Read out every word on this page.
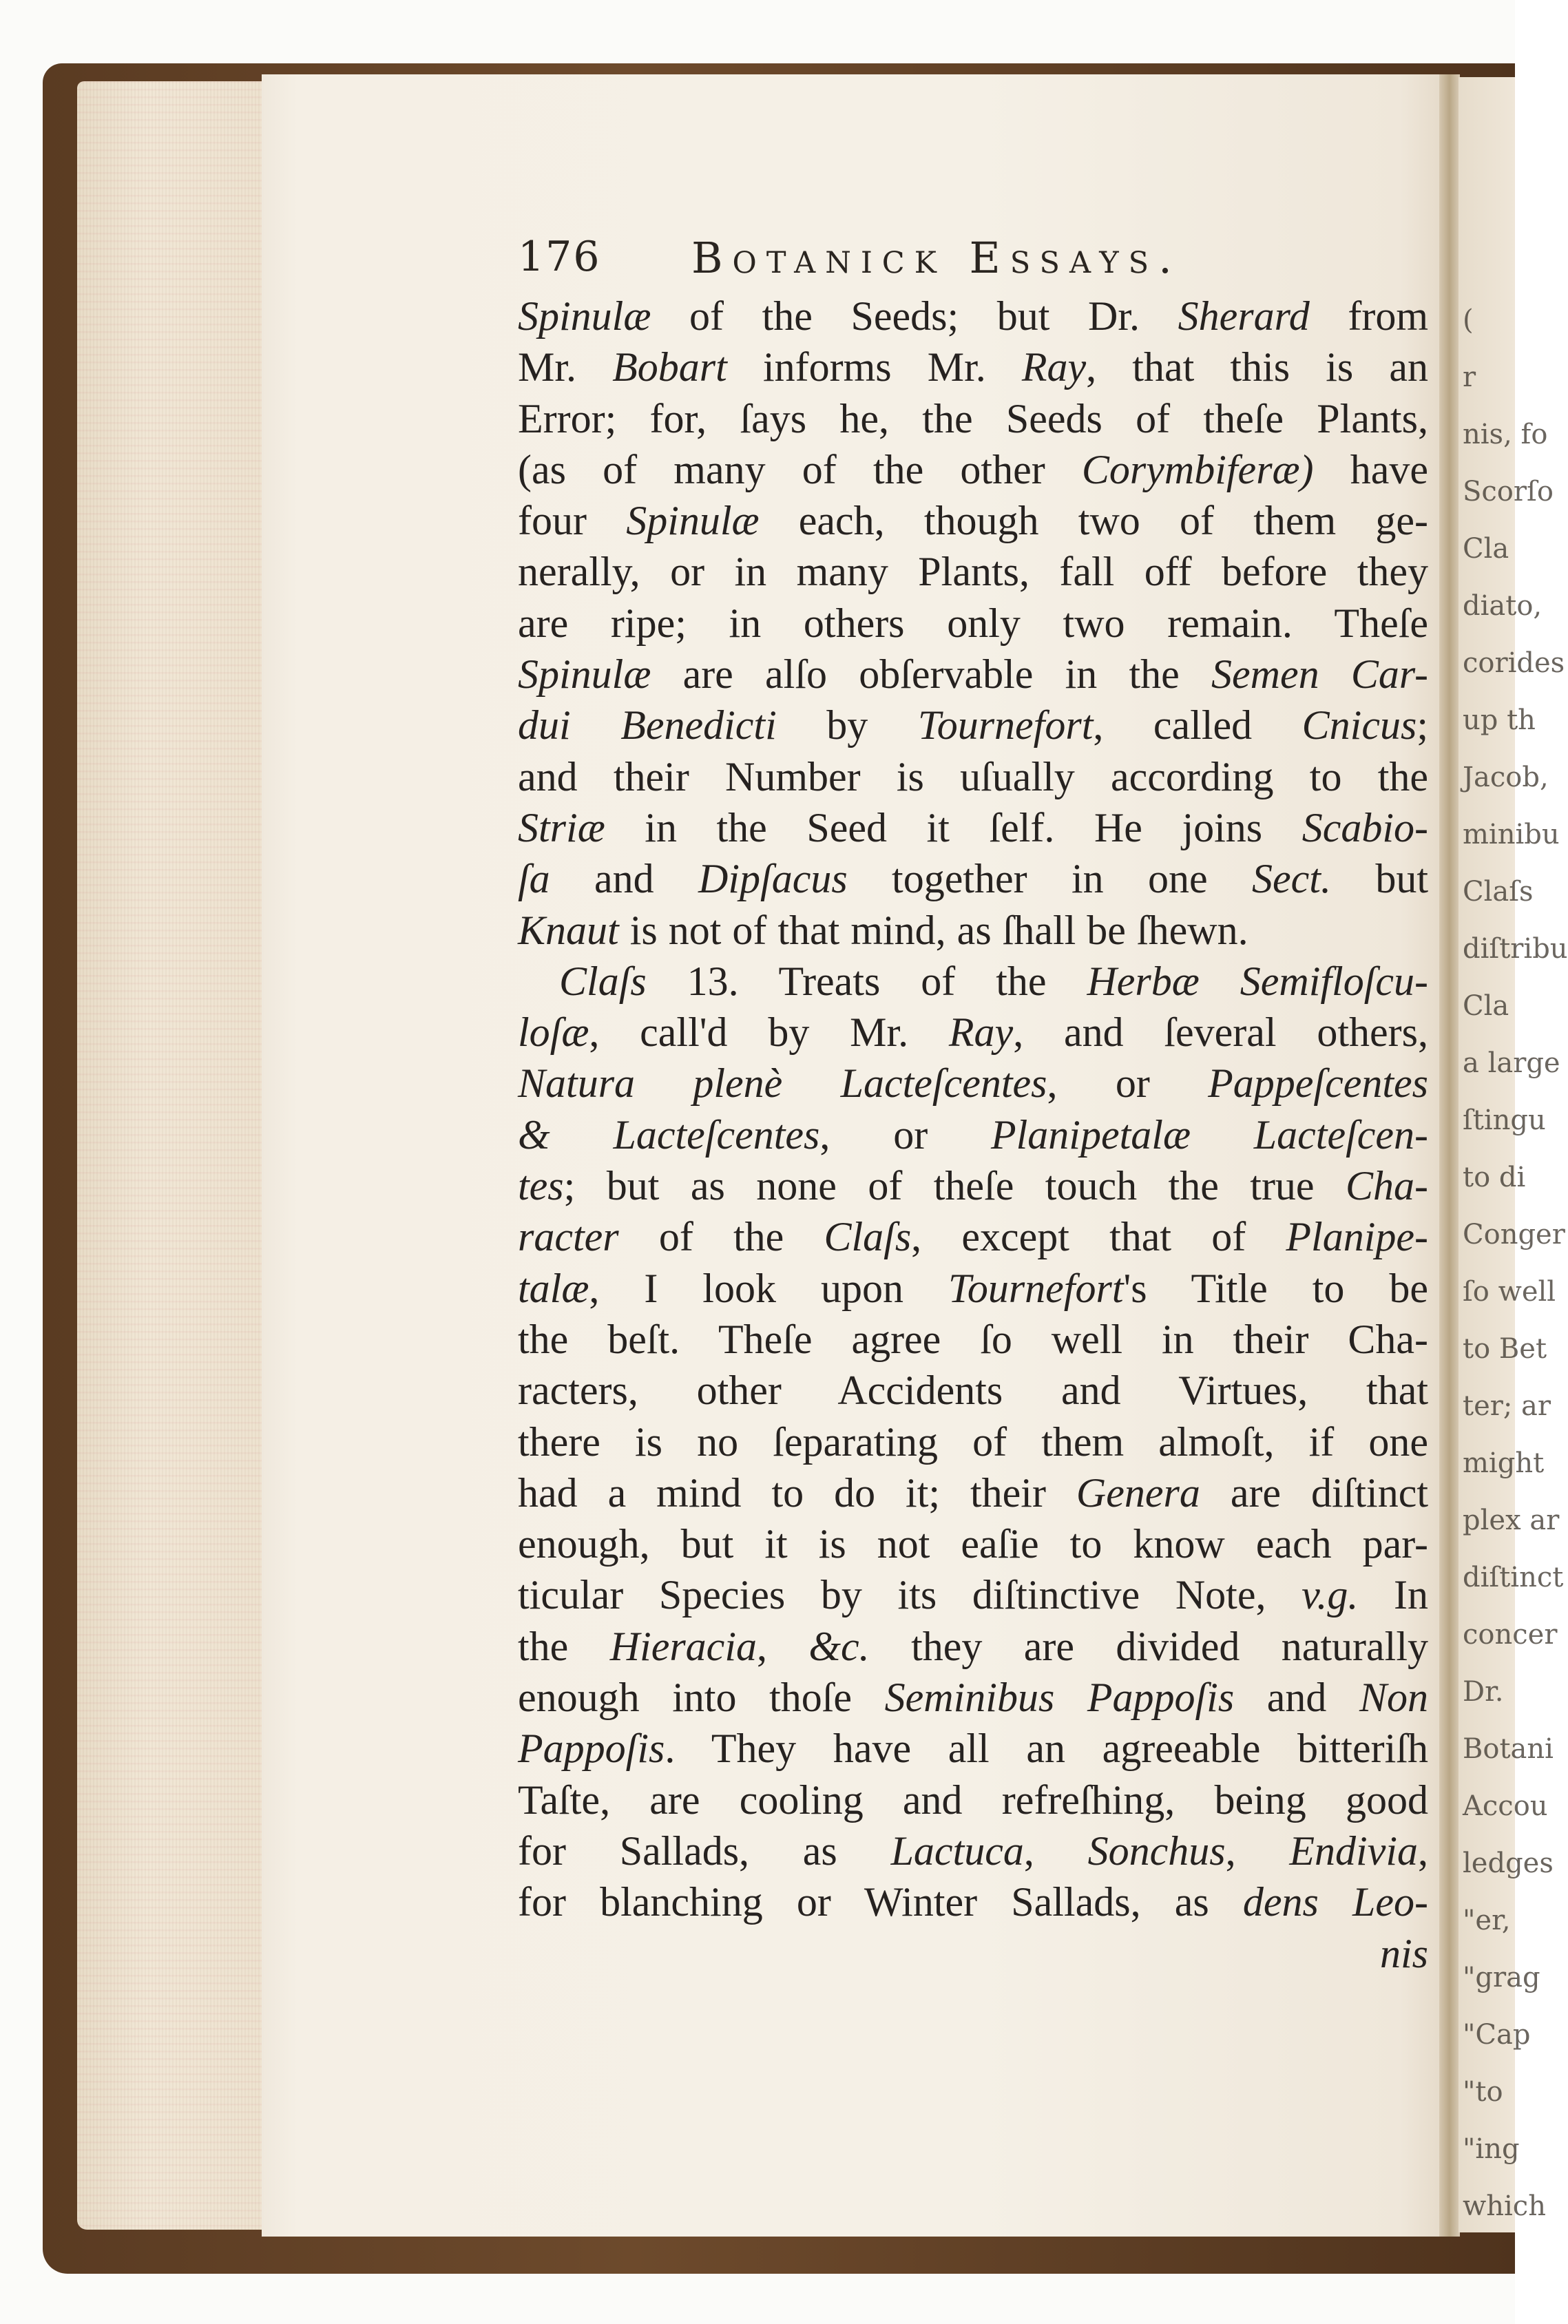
(
r
nis, fo
Scorſo
Cla
diato,
corides
up th
Jacob,
minibu
Claſs
diſtribu
Cla
a large
ſtingu
to di
Conger
ſo well
to Bet
ter; ar
might
plex ar
diſtinct
concer
Dr.
Botani
Accou
ledges
"er,
"grag
"Cap
"to
"ing
which
176 Botanick Essays.
Spinulæ of the Seeds; but Dr. Sherard from
Mr. Bobart informs Mr. Ray, that this is an
Error; for, ſays he, the Seeds of theſe Plants,
(as of many of the other Corymbiferæ) have
four Spinulæ each, though two of them ge-
nerally, or in many Plants, fall off before they
are ripe; in others only two remain. Theſe
Spinulæ are alſo obſervable in the Semen Car-
dui Benedicti by Tournefort, called Cnicus;
and their Number is uſually according to the
Striæ in the Seed it ſelf. He joins Scabio-
ſa and Dipſacus together in one Sect. but
Knaut is not of that mind, as ſhall be ſhewn.
Claſs 13. Treats of the Herbæ Semifloſcu-
loſæ, call'd by Mr. Ray, and ſeveral others,
Natura plenè Lacteſcentes, or Pappeſcentes
& Lacteſcentes, or Planipetalæ Lacteſcen-
tes; but as none of theſe touch the true Cha-
racter of the Claſs, except that of Planipe-
talæ, I look upon Tournefort's Title to be
the beſt. Theſe agree ſo well in their Cha-
racters, other Accidents and Virtues, that
there is no ſeparating of them almoſt, if one
had a mind to do it; their Genera are diſtinct
enough, but it is not eaſie to know each par-
ticular Species by its diſtinctive Note, v.g. In
the Hieracia, &c. they are divided naturally
enough into thoſe Seminibus Pappoſis and Non
Pappoſis. They have all an agreeable bitteriſh
Taſte, are cooling and refreſhing, being good
for Sallads, as Lactuca, Sonchus, Endivia,
for blanching or Winter Sallads, as dens Leo-
nis
